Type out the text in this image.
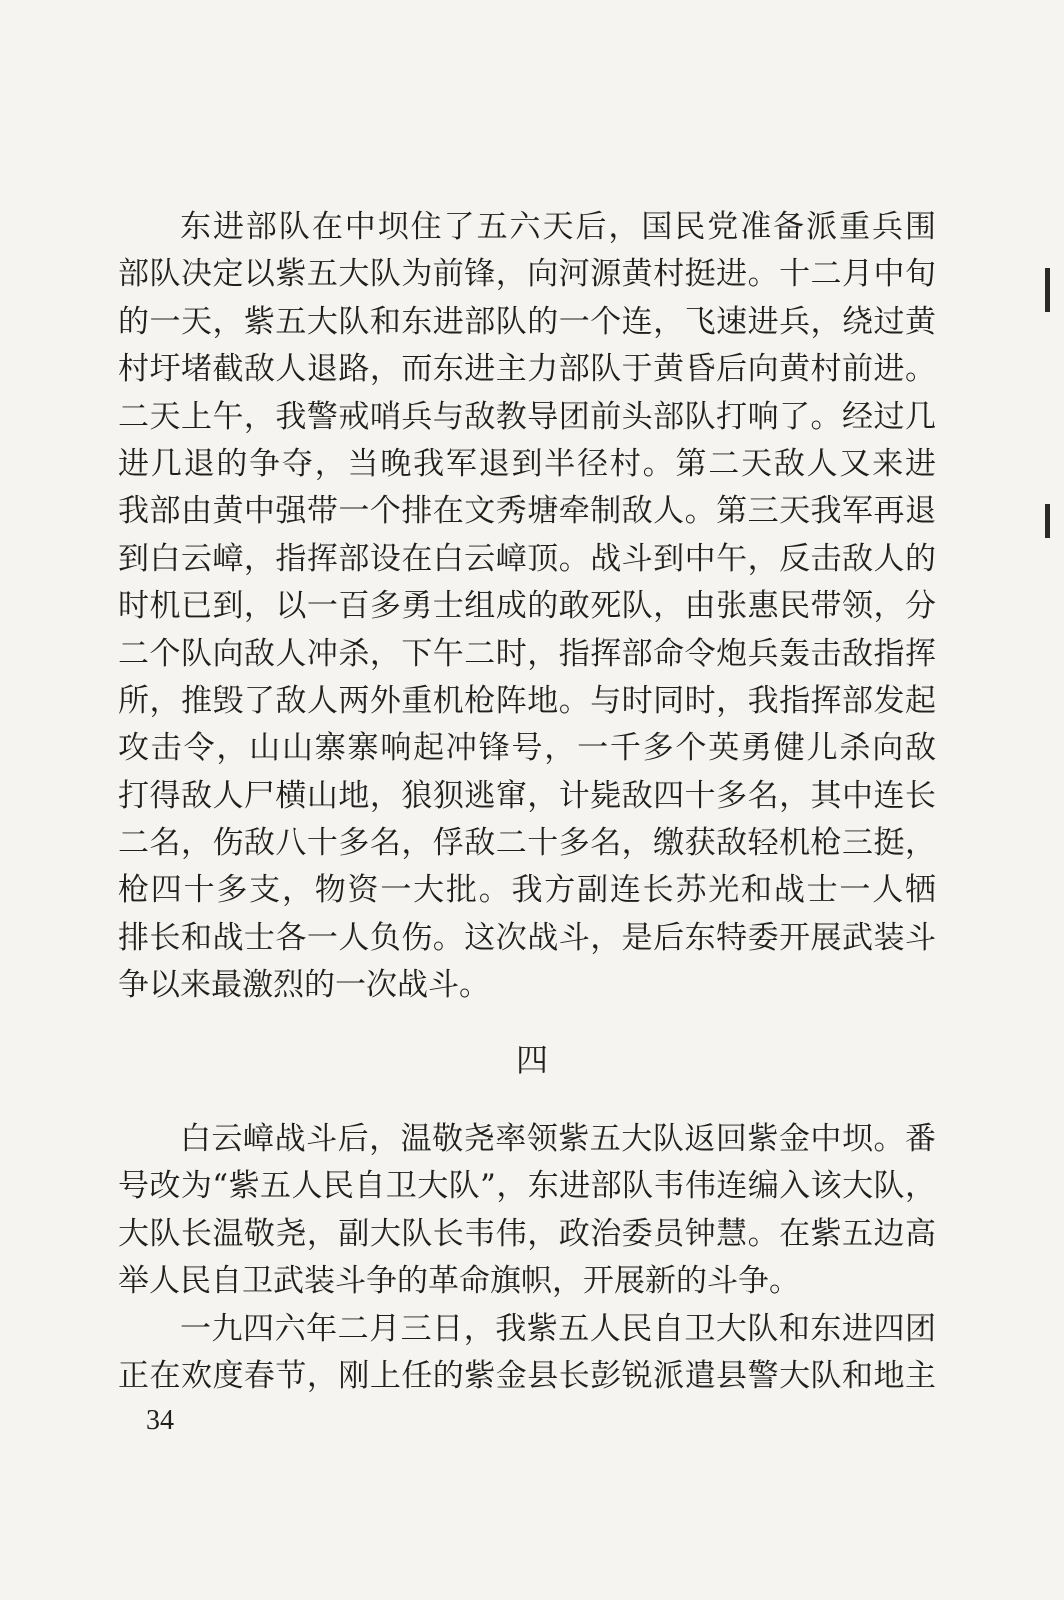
东进部队在中坝住了五六天后，国民党准备派重兵围
部队决定以紫五大队为前锋，向河源黄村挺进。十二月中旬
的一天，紫五大队和东进部队的一个连，飞速进兵，绕过黄
村圩堵截敌人退路，而东进主力部队于黄昏后向黄村前进。
二天上午，我警戒哨兵与敌教导团前头部队打响了。经过几
进几退的争夺，当晚我军退到半径村。第二天敌人又来进
我部由黄中强带一个排在文秀塘牵制敌人。第三天我军再退
到白云嶂，指挥部设在白云嶂顶。战斗到中午，反击敌人的
时机已到，以一百多勇士组成的敢死队，由张惠民带领，分
二个队向敌人冲杀，下午二时，指挥部命令炮兵轰击敌指挥
所，推毁了敌人两外重机枪阵地。与时同时，我指挥部发起
攻击令，山山寨寨响起冲锋号，一千多个英勇健儿杀向敌
打得敌人尸横山地，狼狈逃窜，计毙敌四十多名，其中连长
二名，伤敌八十多名，俘敌二十多名，缴获敌轻机枪三挺，
枪四十多支，物资一大批。我方副连长苏光和战士一人牺
排长和战士各一人负伤。这次战斗，是后东特委开展武装斗
争以来最激烈的一次战斗。
四
白云嶂战斗后，温敬尧率领紫五大队返回紫金中坝。番
号改为“紫五人民自卫大队”，东进部队韦伟连编入该大队，
大队长温敬尧，副大队长韦伟，政治委员钟慧。在紫五边高
举人民自卫武装斗争的革命旗帜，开展新的斗争。
一九四六年二月三日，我紫五人民自卫大队和东进四团
正在欢度春节，刚上任的紫金县长彭锐派遣县警大队和地主
34
